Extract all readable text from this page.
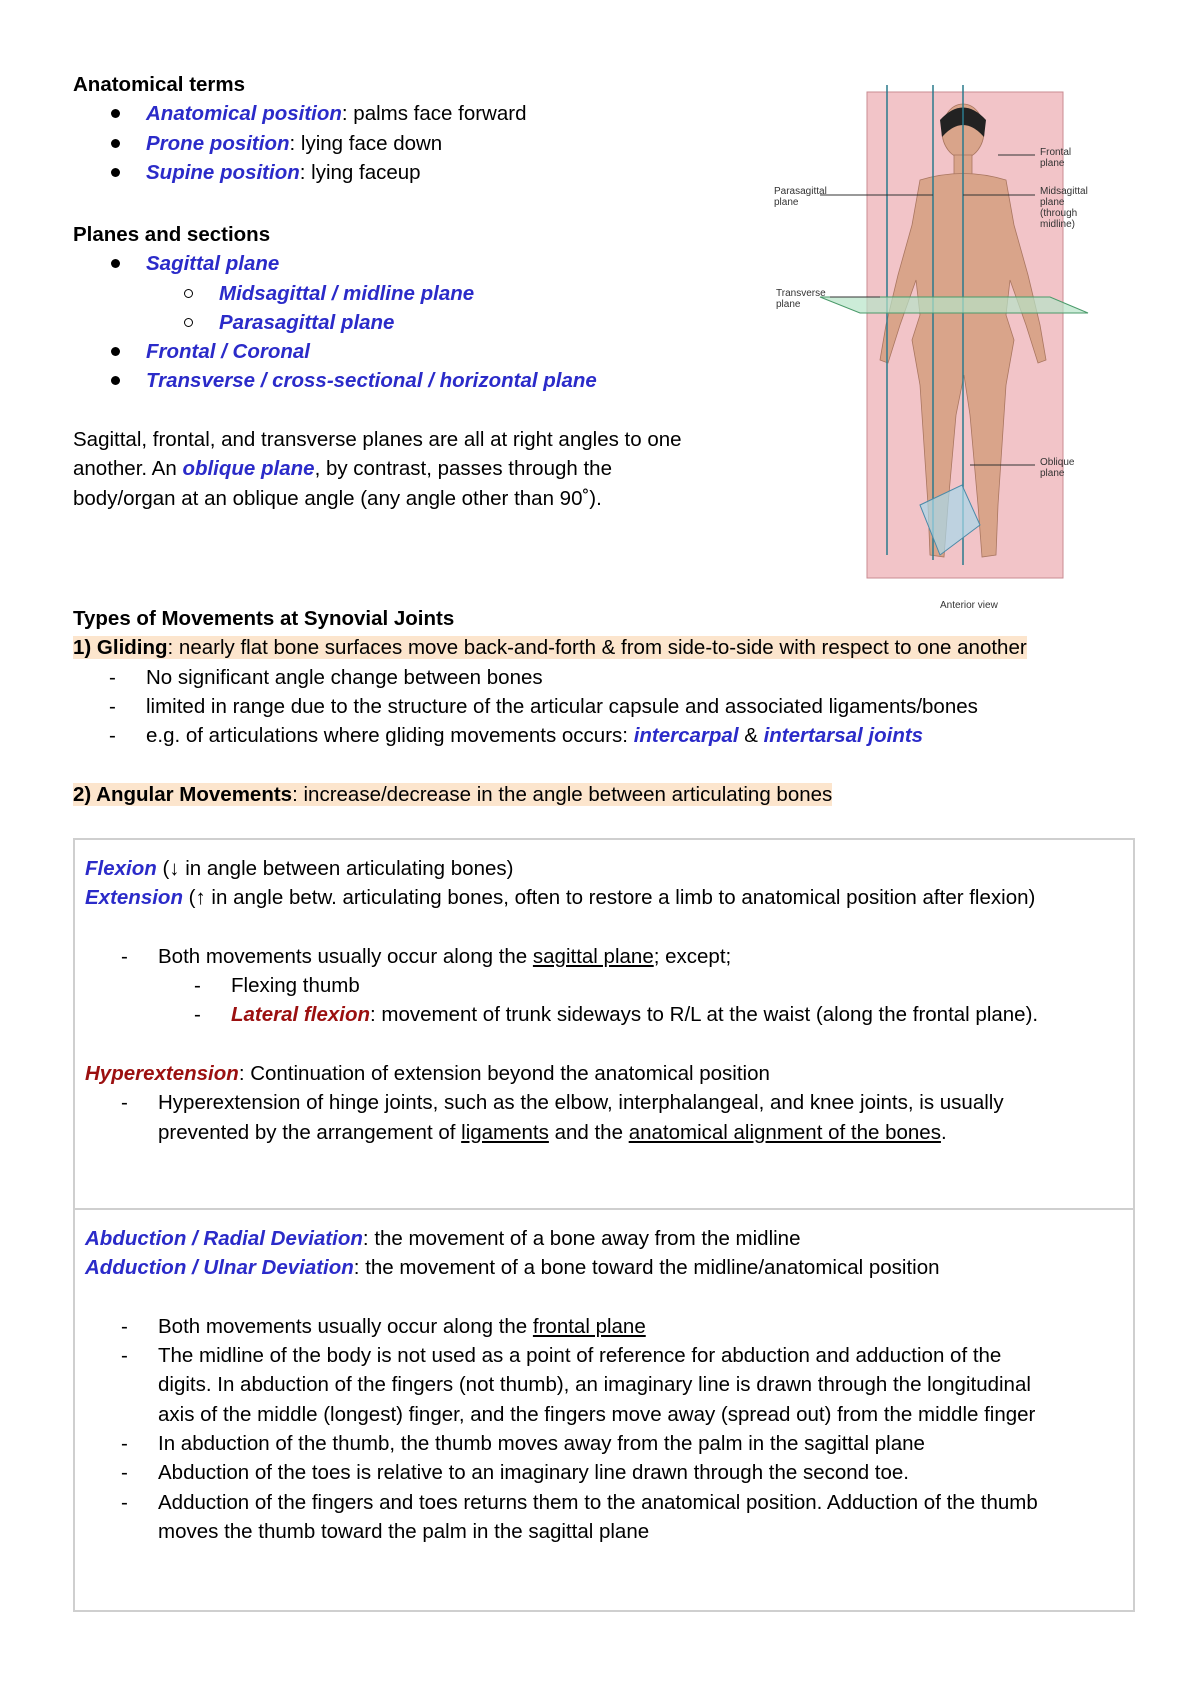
Anatomical terms
Anatomical position: palms face forward
Prone position: lying face down
Supine position: lying faceup
Planes and sections
Sagittal plane
Midsagittal / midline plane
Parasagittal plane
Frontal / Coronal
Transverse / cross-sectional / horizontal plane
Sagittal, frontal, and transverse planes are all at right angles to one
another. An oblique plane, by contrast, passes through the
body/organ at an oblique angle (any angle other than 90˚).
Frontal plane
Parasagittal plane
Midsagittal plane (through midline)
Transverse plane
Oblique plane
Anterior view
Types of Movements at Synovial Joints
1) Gliding: nearly flat bone surfaces move back-and-forth & from side-to-side with respect to one another
- No significant angle change between bones
- limited in range due to the structure of the articular capsule and associated ligaments/bones
- e.g. of articulations where gliding movements occurs: intercarpal & intertarsal joints
2) Angular Movements: increase/decrease in the angle between articulating bones
Flexion (↓ in angle between articulating bones)
Extension (↑ in angle betw. articulating bones, often to restore a limb to anatomical position after flexion)
- Both movements usually occur along the sagittal plane; except;
- Flexing thumb
- Lateral flexion: movement of trunk sideways to R/L at the waist (along the frontal plane).
Hyperextension: Continuation of extension beyond the anatomical position
- Hyperextension of hinge joints, such as the elbow, interphalangeal, and knee joints, is usually
prevented by the arrangement of ligaments and the anatomical alignment of the bones.
Abduction / Radial Deviation: the movement of a bone away from the midline
Adduction / Ulnar Deviation: the movement of a bone toward the midline/anatomical position
- Both movements usually occur along the frontal plane
- The midline of the body is not used as a point of reference for abduction and adduction of the
digits. In abduction of the fingers (not thumb), an imaginary line is drawn through the longitudinal
axis of the middle (longest) finger, and the fingers move away (spread out) from the middle finger
- In abduction of the thumb, the thumb moves away from the palm in the sagittal plane
- Abduction of the toes is relative to an imaginary line drawn through the second toe.
- Adduction of the fingers and toes returns them to the anatomical position. Adduction of the thumb
moves the thumb toward the palm in the sagittal plane
